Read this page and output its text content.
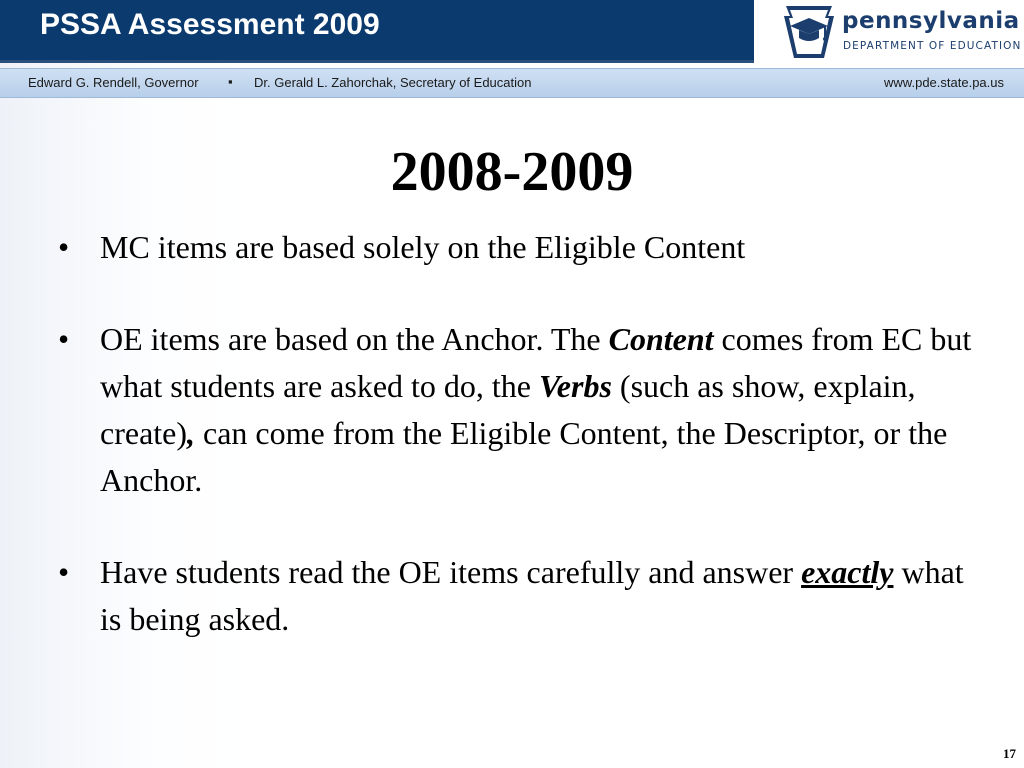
PSSA Assessment 2009	pennsylvania
DEPARTMENT OF EDUCATION
Edward G. Rendell, Governor ▪ Dr. Gerald L. Zahorchak, Secretary of Education	www.pde.state.pa.us
2008-2009
• MC items are based solely on the Eligible Content
• OE items are based on the Anchor. The Content comes from EC but what students are asked to do, the Verbs (such as show, explain, create), can come from the Eligible Content, the Descriptor, or the Anchor.
• Have students read the OE items carefully and answer exactly what is being asked.
17
